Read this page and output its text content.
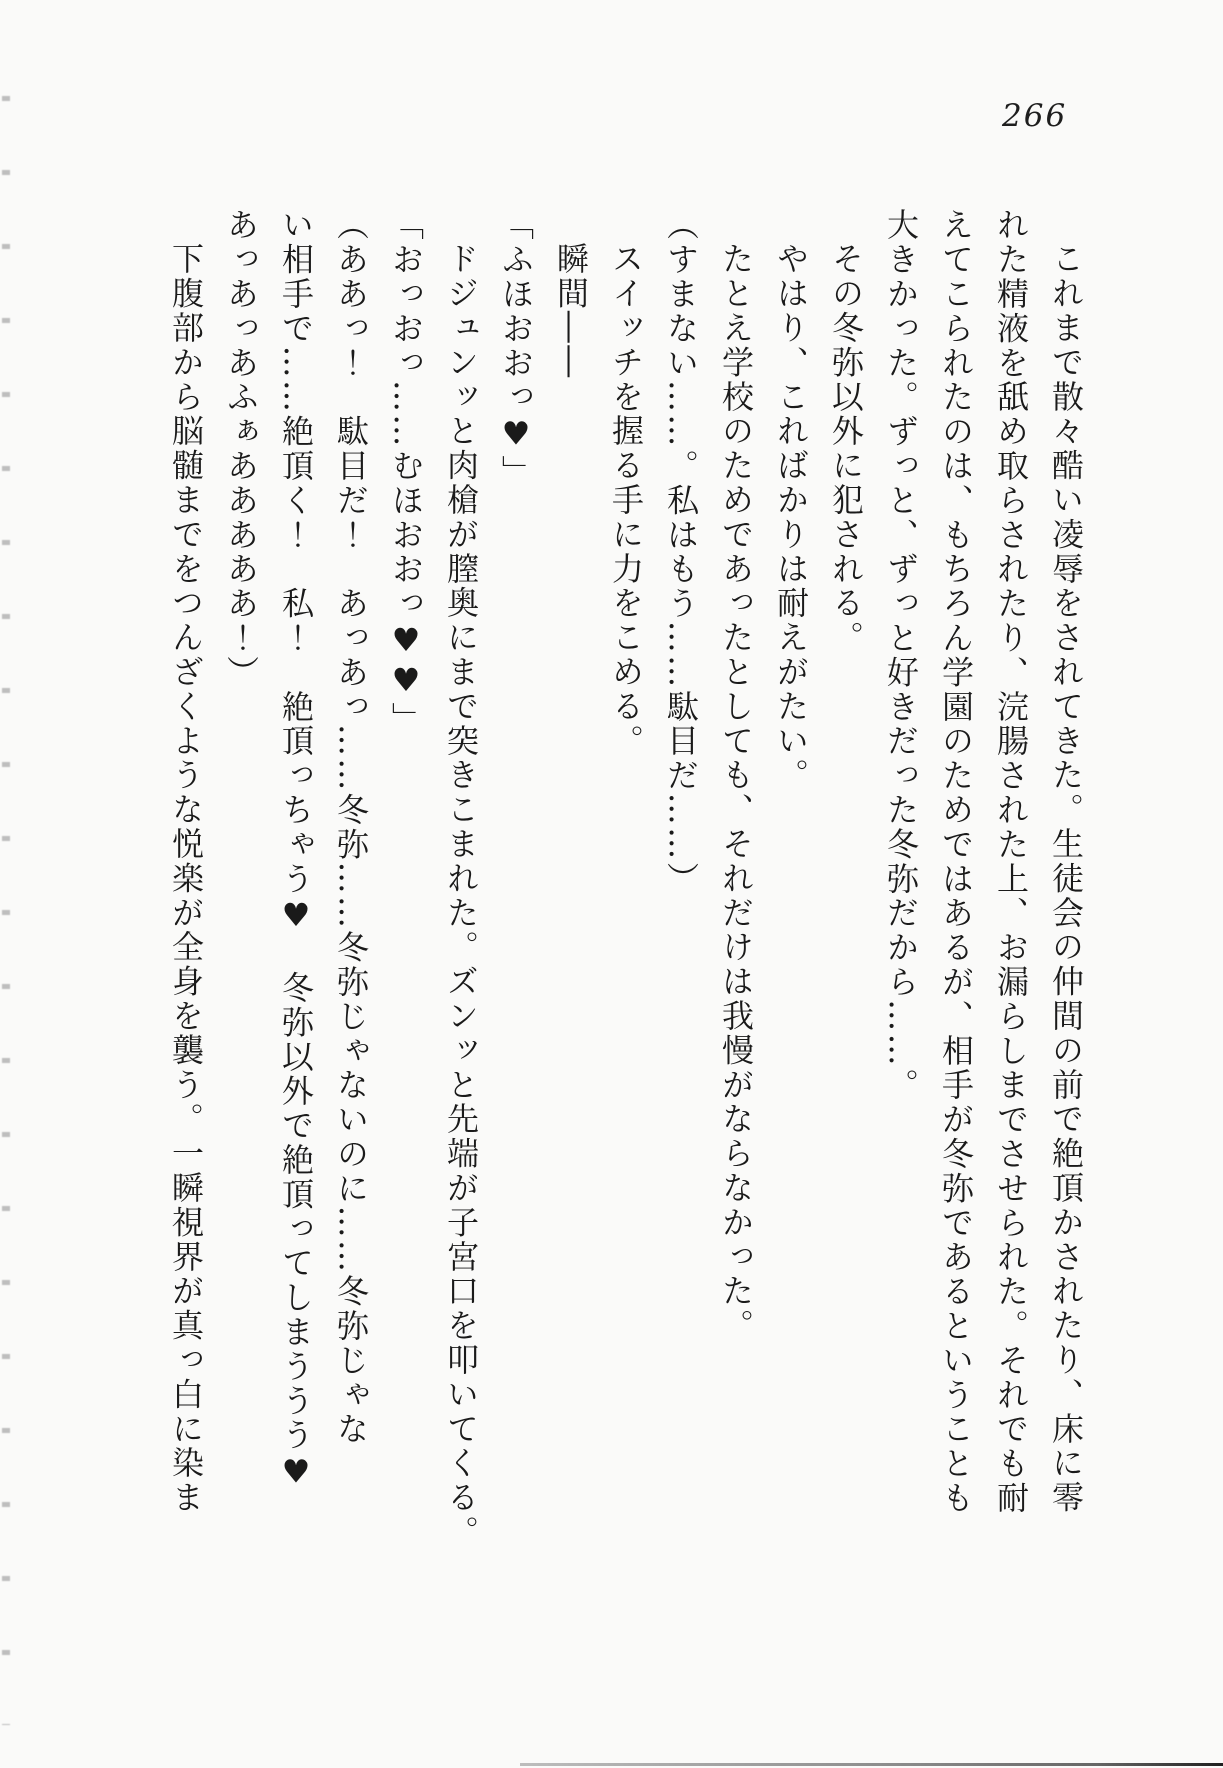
266
これまで散々酷い凌辱をされてきた。生徒会の仲間の前で絶頂かされたり、床に零
れた精液を舐め取らされたり、浣腸された上、お漏らしまでさせられた。それでも耐
えてこられたのは、もちろん学園のためではあるが、相手が冬弥であるということも
大きかった。ずっと、ずっと好きだった冬弥だから……。
その冬弥以外に犯される。
やはり、こればかりは耐えがたい。
たとえ学校のためであったとしても、それだけは我慢がならなかった。
（すまない……。私はもう……駄目だ……）
スイッチを握る手に力をこめる。
瞬間――
「ふほおおっ♥」
ドジュンッと肉槍が膣奥にまで突きこまれた。ズンッと先端が子宮口を叩いてくる。
「おっおっ……むほおおっ♥♥」
（ああっ！　駄目だ！　あっあっ……冬弥……冬弥じゃないのに……冬弥じゃな
い相手で……絶頂く！　私！　絶頂っちゃう♥　冬弥以外で絶頂ってしまううう♥
あっあっあふぁあああああ！）
下腹部から脳髄までをつんざくような悦楽が全身を襲う。一瞬視界が真っ白に染ま
